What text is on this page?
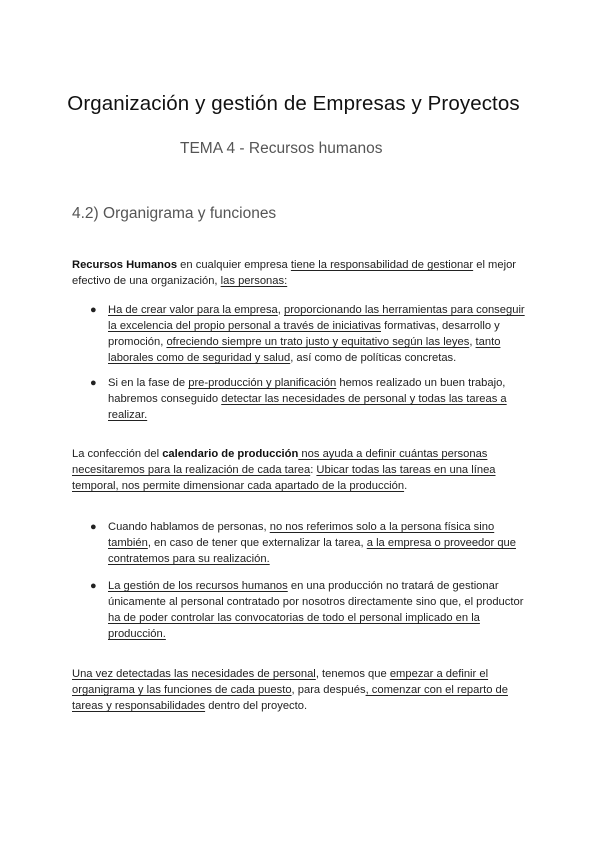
Organización y gestión de Empresas y Proyectos
TEMA 4 - Recursos humanos
4.2) Organigrama y funciones
Recursos Humanos en cualquier empresa tiene la responsabilidad de gestionar el mejor efectivo de una organización, las personas:
●	Ha de crear valor para la empresa, proporcionando las herramientas para conseguir la excelencia del propio personal a través de iniciativas formativas, desarrollo y promoción, ofreciendo siempre un trato justo y equitativo según las leyes, tanto laborales como de seguridad y salud, así como de políticas concretas.
●	Si en la fase de pre-producción y planificación hemos realizado un buen trabajo, habremos conseguido detectar las necesidades de personal y todas las tareas a realizar.
La confección del calendario de producción nos ayuda a definir cuántas personas necesitaremos para la realización de cada tarea: Ubicar todas las tareas en una línea temporal, nos permite dimensionar cada apartado de la producción.
●	Cuando hablamos de personas, no nos referimos solo a la persona física sino también, en caso de tener que externalizar la tarea, a la empresa o proveedor que contratemos para su realización.
●	La gestión de los recursos humanos en una producción no tratará de gestionar únicamente al personal contratado por nosotros directamente sino que, el productor ha de poder controlar las convocatorias de todo el personal implicado en la producción.
Una vez detectadas las necesidades de personal, tenemos que empezar a definir el organigrama y las funciones de cada puesto, para después, comenzar con el reparto de tareas y responsabilidades dentro del proyecto.
